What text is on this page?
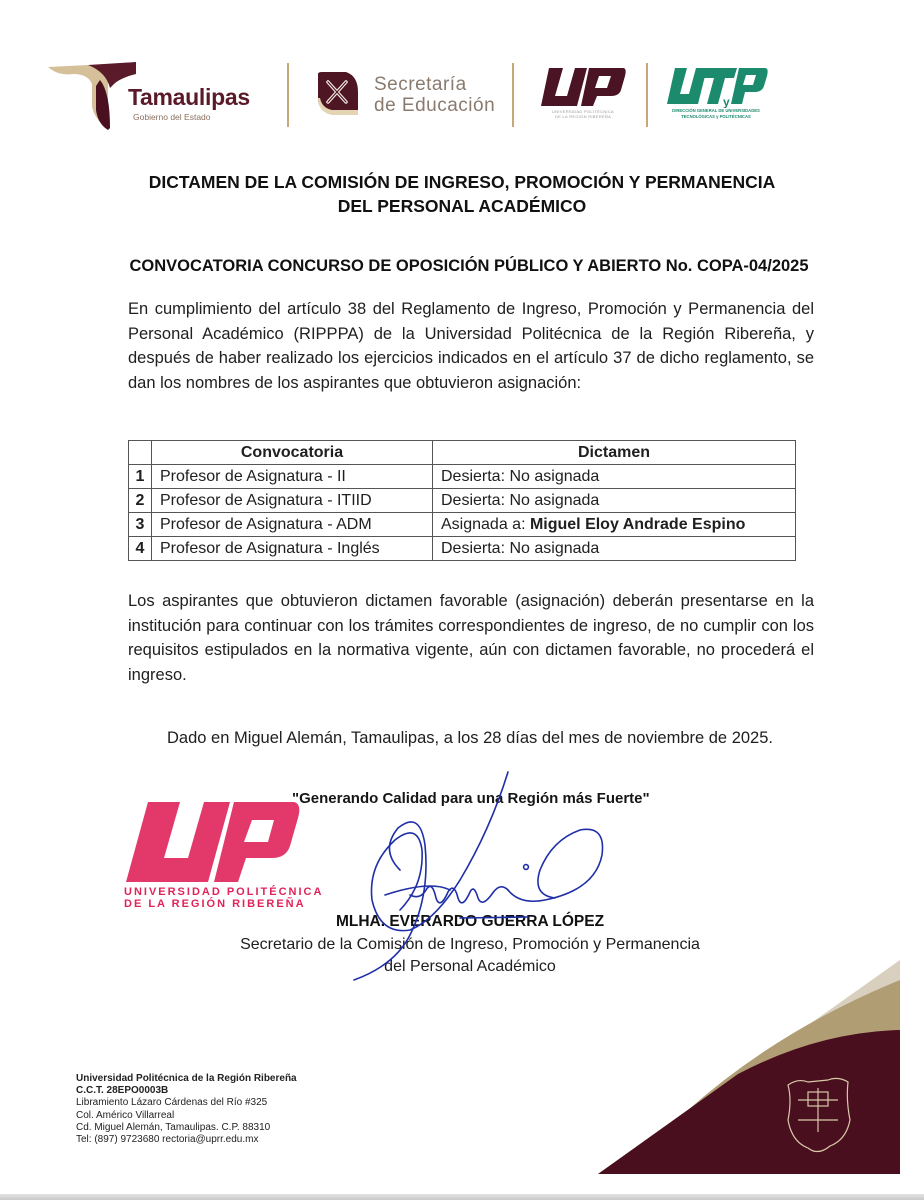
Tamaulipas
Gobierno del Estado
Secretaría
de Educación	UNIVERSIDAD POLITÉCNICA
DE LA REGIÓN RIBEREÑA
y
DIRECCIÓN GENERAL DE UNIVERSIDADES
TECNOLÓGICAS y POLITÉCNICAS
DICTAMEN DE LA COMISIÓN DE INGRESO, PROMOCIÓN Y PERMANENCIA
DEL PERSONAL ACADÉMICO
CONVOCATORIA CONCURSO DE OPOSICIÓN PÚBLICO Y ABIERTO No. COPA-04/2025
En cumplimiento del artículo 38 del Reglamento de Ingreso, Promoción y Permanencia del Personal Académico (RIPPPA) de la Universidad Politécnica de la Región Ribereña, y después de haber realizado los ejercicios indicados en el artículo 37 de dicho reglamento, se dan los nombres de los aspirantes que obtuvieron asignación:
	Convocatoria	Dictamen
1	Profesor de Asignatura - II	Desierta: No asignada
2	Profesor de Asignatura - ITIID	Desierta: No asignada
3	Profesor de Asignatura - ADM	Asignada a: Miguel Eloy Andrade Espino
4	Profesor de Asignatura - Inglés	Desierta: No asignada
Los aspirantes que obtuvieron dictamen favorable (asignación) deberán presentarse en la institución para continuar con los trámites correspondientes de ingreso, de no cumplir con los requisitos estipulados en la normativa vigente, aún con dictamen favorable, no procederá el ingreso.
Dado en Miguel Alemán, Tamaulipas, a los 28 días del mes de noviembre de 2025.
UNIVERSIDAD POLITÉCNICA
DE LA REGIÓN RIBEREÑA
"Generando Calidad para una Región más Fuerte"
MLHA. EVERARDO GUERRA LÓPEZ
Secretario de la Comisión de Ingreso, Promoción y Permanencia
del Personal Académico
Universidad Politécnica de la Región Ribereña
C.C.T. 28EPO0003B
Libramiento Lázaro Cárdenas del Río #325
Col. Américo Villarreal
Cd. Miguel Alemán, Tamaulipas. C.P. 88310
Tel: (897) 9723680 rectoria@uprr.edu.mx
